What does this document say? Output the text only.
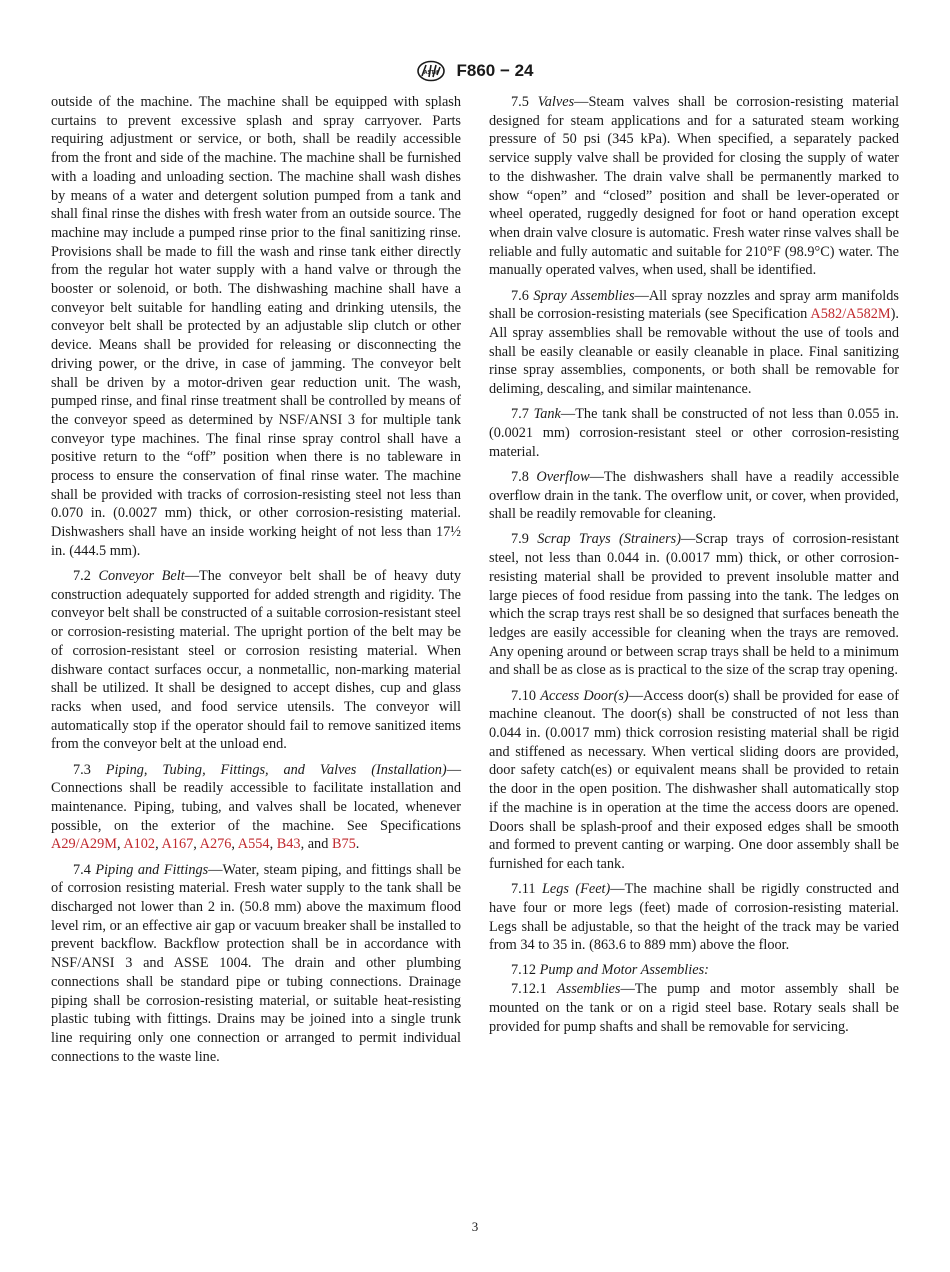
ASTM F860 − 24

outside of the machine. The machine shall be equipped with splash curtains to prevent excessive splash and spray carryover. Parts requiring adjustment or service, or both, shall be readily accessible from the front and side of the machine. The machine shall be furnished with a loading and unloading section. The machine shall wash dishes by means of a water and detergent solution pumped from a tank and shall final rinse the dishes with fresh water from an outside source. The machine may include a pumped rinse prior to the final sanitizing rinse. Provisions shall be made to fill the wash and rinse tank either directly from the regular hot water supply with a hand valve or through the booster or solenoid, or both. The dishwashing machine shall have a conveyor belt suitable for handling eating and drinking utensils, the conveyor belt shall be protected by an adjustable slip clutch or other device. Means shall be provided for releasing or disconnecting the driving power, or the drive, in case of jamming. The conveyor belt shall be driven by a motor-driven gear reduction unit. The wash, pumped rinse, and final rinse treatment shall be controlled by means of the conveyor speed as determined by NSF/ANSI 3 for multiple tank conveyor type machines. The final rinse spray control shall have a positive return to the “off” position when there is no tableware in process to ensure the conservation of final rinse water. The machine shall be provided with tracks of corrosion-resisting steel not less than 0.070 in. (0.0027 mm) thick, or other corrosion-resisting material. Dishwashers shall have an inside working height of not less than 17½ in. (444.5 mm).

7.2 Conveyor Belt—The conveyor belt shall be of heavy duty construction adequately supported for added strength and rigidity. The conveyor belt shall be constructed of a suitable corrosion-resistant steel or corrosion-resisting material. The upright portion of the belt may be of corrosion-resistant steel or corrosion resisting material. When dishware contact surfaces occur, a nonmetallic, non-marking material shall be utilized. It shall be designed to accept dishes, cup and glass racks when used, and food service utensils. The conveyor will automatically stop if the operator should fail to remove sanitized items from the conveyor belt at the unload end.

7.3 Piping, Tubing, Fittings, and Valves (Installation)—Connections shall be readily accessible to facilitate installation and maintenance. Piping, tubing, and valves shall be located, whenever possible, on the exterior of the machine. See Specifications A29/A29M, A102, A167, A276, A554, B43, and B75.

7.4 Piping and Fittings—Water, steam piping, and fittings shall be of corrosion resisting material. Fresh water supply to the tank shall be discharged not lower than 2 in. (50.8 mm) above the maximum flood level rim, or an effective air gap or vacuum breaker shall be installed to prevent backflow. Backflow protection shall be in accordance with NSF/ANSI 3 and ASSE 1004. The drain and other plumbing connections shall be standard pipe or tubing connections. Drainage piping shall be corrosion-resisting material, or suitable heat-resisting plastic tubing with fittings. Drains may be joined into a single trunk line requiring only one connection or arranged to permit individual connections to the waste line.

7.5 Valves—Steam valves shall be corrosion-resisting material designed for steam applications and for a saturated steam working pressure of 50 psi (345 kPa). When specified, a separately packed service supply valve shall be provided for closing the supply of water to the dishwasher. The drain valve shall be permanently marked to show “open” and “closed” position and shall be lever-operated or wheel operated, ruggedly designed for foot or hand operation except when drain valve closure is automatic. Fresh water rinse valves shall be reliable and fully automatic and suitable for 210°F (98.9°C) water. The manually operated valves, when used, shall be identified.

7.6 Spray Assemblies—All spray nozzles and spray arm manifolds shall be corrosion-resisting materials (see Specification A582/A582M). All spray assemblies shall be removable without the use of tools and shall be easily cleanable or easily cleanable in place. Final sanitizing rinse spray assemblies, components, or both shall be removable for deliming, descaling, and similar maintenance.

7.7 Tank—The tank shall be constructed of not less than 0.055 in. (0.0021 mm) corrosion-resistant steel or other corrosion-resisting material.

7.8 Overflow—The dishwashers shall have a readily accessible overflow drain in the tank. The overflow unit, or cover, when provided, shall be readily removable for cleaning.

7.9 Scrap Trays (Strainers)—Scrap trays of corrosion-resistant steel, not less than 0.044 in. (0.0017 mm) thick, or other corrosion-resisting material shall be provided to prevent insoluble matter and large pieces of food residue from passing into the tank. The ledges on which the scrap trays rest shall be so designed that surfaces beneath the ledges are easily accessible for cleaning when the trays are removed. Any opening around or between scrap trays shall be held to a minimum and shall be as close as is practical to the size of the scrap tray opening.

7.10 Access Door(s)—Access door(s) shall be provided for ease of machine cleanout. The door(s) shall be constructed of not less than 0.044 in. (0.0017 mm) thick corrosion resisting material shall be rigid and stiffened as necessary. When vertical sliding doors are provided, door safety catch(es) or equivalent means shall be provided to retain the door in the open position. The dishwasher shall automatically stop if the machine is in operation at the time the access doors are opened. Doors shall be splash-proof and their exposed edges shall be smooth and formed to prevent canting or warping. One door assembly shall be furnished for each tank.

7.11 Legs (Feet)—The machine shall be rigidly constructed and have four or more legs (feet) made of corrosion-resisting material. Legs shall be adjustable, so that the height of the track may be varied from 34 to 35 in. (863.6 to 889 mm) above the floor.

7.12 Pump and Motor Assemblies:

7.12.1 Assemblies—The pump and motor assembly shall be mounted on the tank or on a rigid steel base. Rotary seals shall be provided for pump shafts and shall be removable for servicing.

3
